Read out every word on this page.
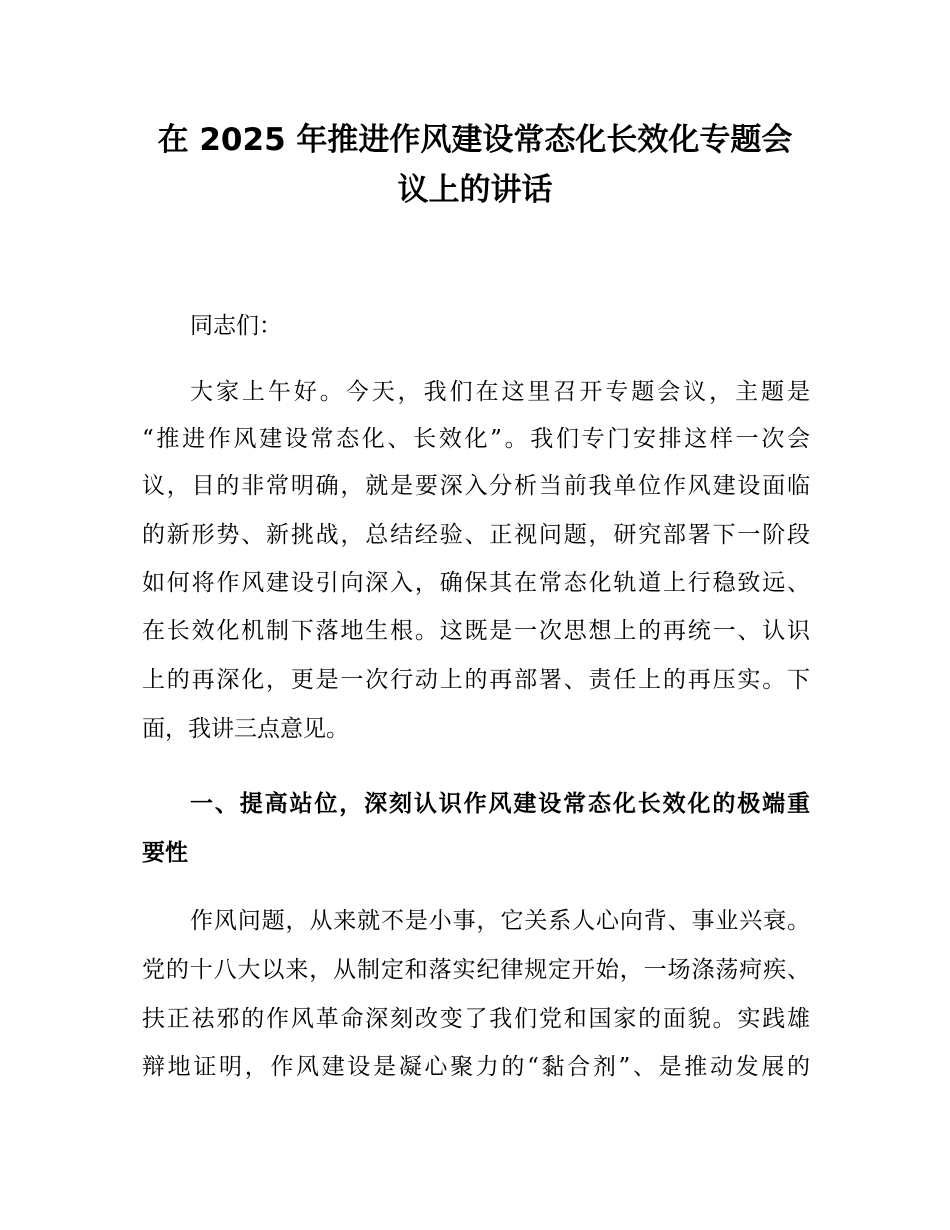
在 2025 年推进作风建设常态化长效化专题会
议上的讲话

同志们：

大家上午好。今天，我们在这里召开专题会议，主题是

“推进作风建设常态化、长效化”。我们专门安排这样一次会

议，目的非常明确，就是要深入分析当前我单位作风建设面临

的新形势、新挑战，总结经验、正视问题，研究部署下一阶段

如何将作风建设引向深入，确保其在常态化轨道上行稳致远、

在长效化机制下落地生根。这既是一次思想上的再统一、认识

上的再深化，更是一次行动上的再部署、责任上的再压实。下

面，我讲三点意见。

一、提高站位，深刻认识作风建设常态化长效化的极端重

要性

作风问题，从来就不是小事，它关系人心向背、事业兴衰。

党的十八大以来，从制定和落实纪律规定开始，一场涤荡疴疾、

扶正祛邪的作风革命深刻改变了我们党和国家的面貌。实践雄

辩地证明，作风建设是凝心聚力的“黏合剂”、是推动发展的
